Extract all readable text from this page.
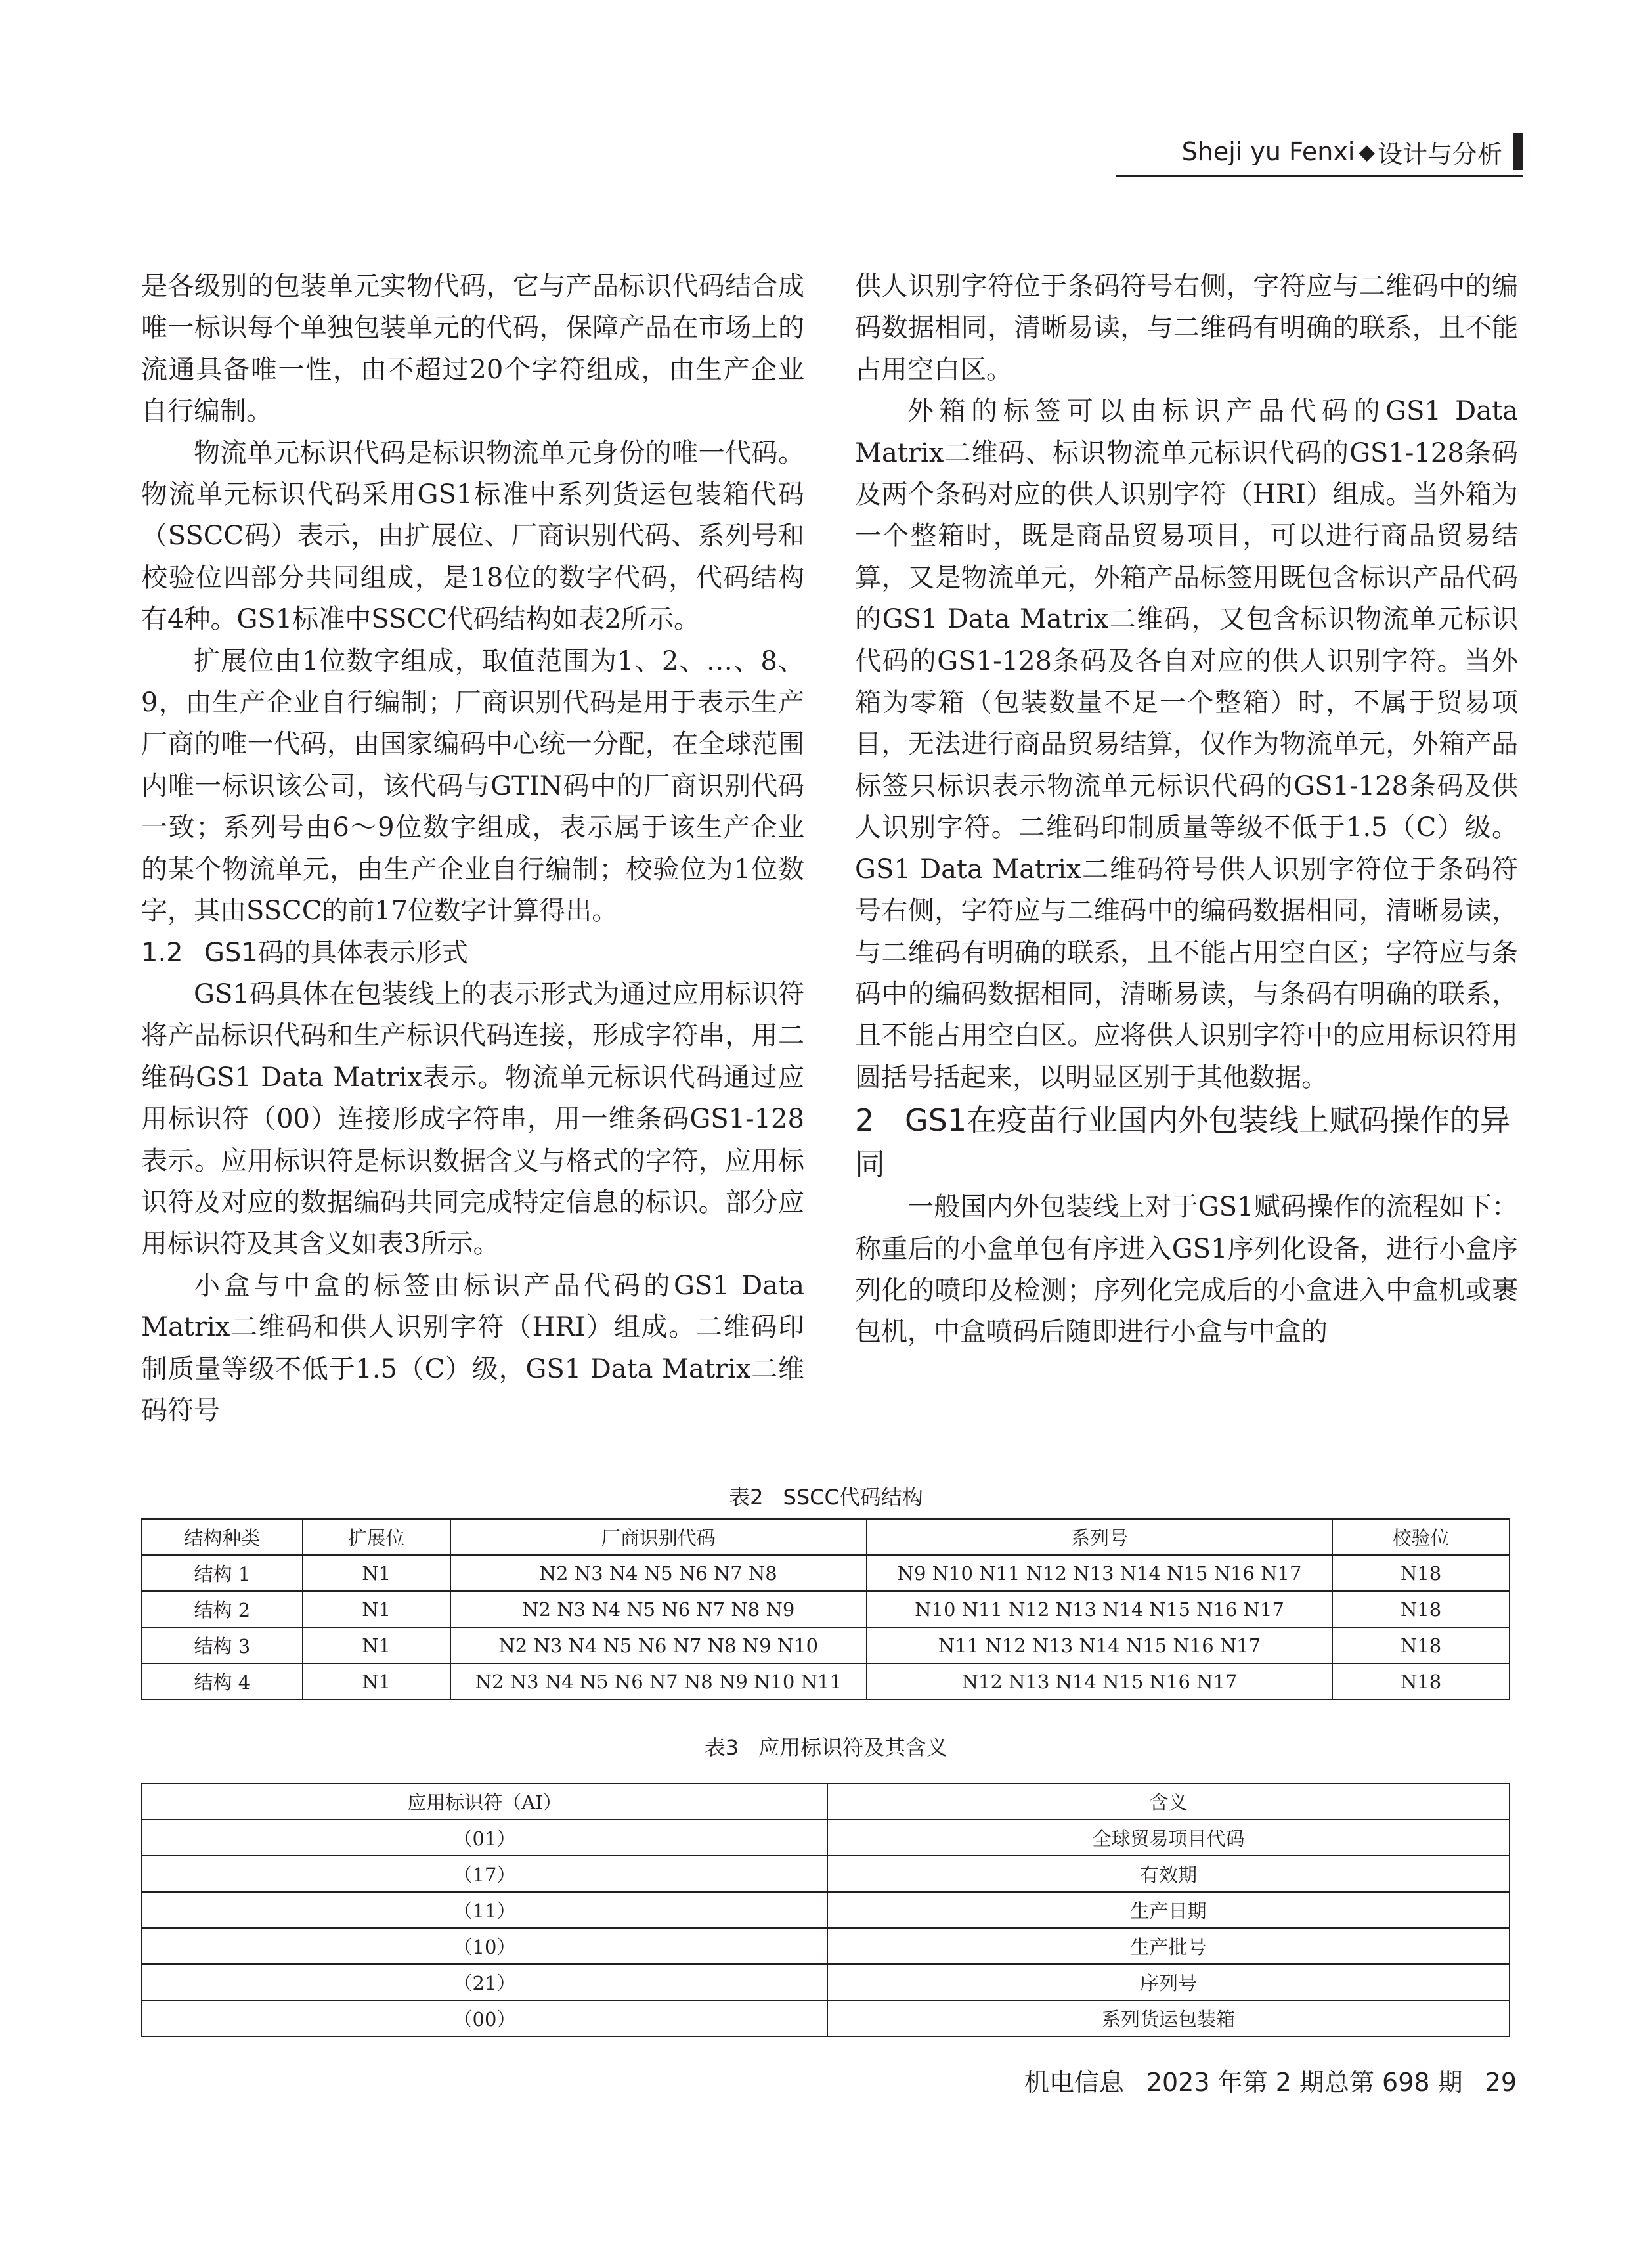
Sheji yu Fenxi ◆ 设计与分析

是各级别的包装单元实物代码，它与产品标识代码结合成唯一标识每个单独包装单元的代码，保障产品在市场上的流通具备唯一性，由不超过20个字符组成，由生产企业自行编制。

物流单元标识代码是标识物流单元身份的唯一代码。物流单元标识代码采用GS1标准中系列货运包装箱代码（SSCC码）表示，由扩展位、厂商识别代码、系列号和校验位四部分共同组成，是18位的数字代码，代码结构有4种。GS1标准中SSCC代码结构如表2所示。

扩展位由1位数字组成，取值范围为1、2、…、8、9，由生产企业自行编制；厂商识别代码是用于表示生产厂商的唯一代码，由国家编码中心统一分配，在全球范围内唯一标识该公司，该代码与GTIN码中的厂商识别代码一致；系列号由6～9位数字组成，表示属于该生产企业的某个物流单元，由生产企业自行编制；校验位为1位数字，其由SSCC的前17位数字计算得出。

1.2 GS1码的具体表示形式

GS1码具体在包装线上的表示形式为通过应用标识符将产品标识代码和生产标识代码连接，形成字符串，用二维码GS1 Data Matrix表示。物流单元标识代码通过应用标识符（00）连接形成字符串，用一维条码GS1-128表示。应用标识符是标识数据含义与格式的字符，应用标识符及对应的数据编码共同完成特定信息的标识。部分应用标识符及其含义如表3所示。

小盒与中盒的标签由标识产品代码的GS1 Data Matrix二维码和供人识别字符（HRI）组成。二维码印制质量等级不低于1.5（C）级，GS1 Data Matrix二维码符号

供人识别字符位于条码符号右侧，字符应与二维码中的编码数据相同，清晰易读，与二维码有明确的联系，且不能占用空白区。

外箱的标签可以由标识产品代码的GS1 Data Matrix二维码、标识物流单元标识代码的GS1-128条码及两个条码对应的供人识别字符（HRI）组成。当外箱为一个整箱时，既是商品贸易项目，可以进行商品贸易结算，又是物流单元，外箱产品标签用既包含标识产品代码的GS1 Data Matrix二维码，又包含标识物流单元标识代码的GS1-128条码及各自对应的供人识别字符。当外箱为零箱（包装数量不足一个整箱）时，不属于贸易项目，无法进行商品贸易结算，仅作为物流单元，外箱产品标签只标识表示物流单元标识代码的GS1-128条码及供人识别字符。二维码印制质量等级不低于1.5（C）级。GS1 Data Matrix二维码符号供人识别字符位于条码符号右侧，字符应与二维码中的编码数据相同，清晰易读，与二维码有明确的联系，且不能占用空白区；字符应与条码中的编码数据相同，清晰易读，与条码有明确的联系，且不能占用空白区。应将供人识别字符中的应用标识符用圆括号括起来，以明显区别于其他数据。

2 GS1在疫苗行业国内外包装线上赋码操作的异同

一般国内外包装线上对于GS1赋码操作的流程如下：称重后的小盒单包有序进入GS1序列化设备，进行小盒序列化的喷印及检测；序列化完成后的小盒进入中盒机或裹包机，中盒喷码后随即进行小盒与中盒的

表2 SSCC代码结构
结构种类	扩展位	厂商识别代码	系列号	校验位
结构 1	N1	N2 N3 N4 N5 N6 N7 N8	N9 N10 N11 N12 N13 N14 N15 N16 N17	N18
结构 2	N1	N2 N3 N4 N5 N6 N7 N8 N9	N10 N11 N12 N13 N14 N15 N16 N17	N18
结构 3	N1	N2 N3 N4 N5 N6 N7 N8 N9 N10	N11 N12 N13 N14 N15 N16 N17	N18
结构 4	N1	N2 N3 N4 N5 N6 N7 N8 N9 N10 N11	N12 N13 N14 N15 N16 N17	N18
表3 应用标识符及其含义
应用标识符（AI）	含义
（01）	全球贸易项目代码
（17）	有效期
（11）	生产日期
（10）	生产批号
（21）	序列号
（00）	系列货运包装箱
机电信息 2023 年第 2 期总第 698 期 29
